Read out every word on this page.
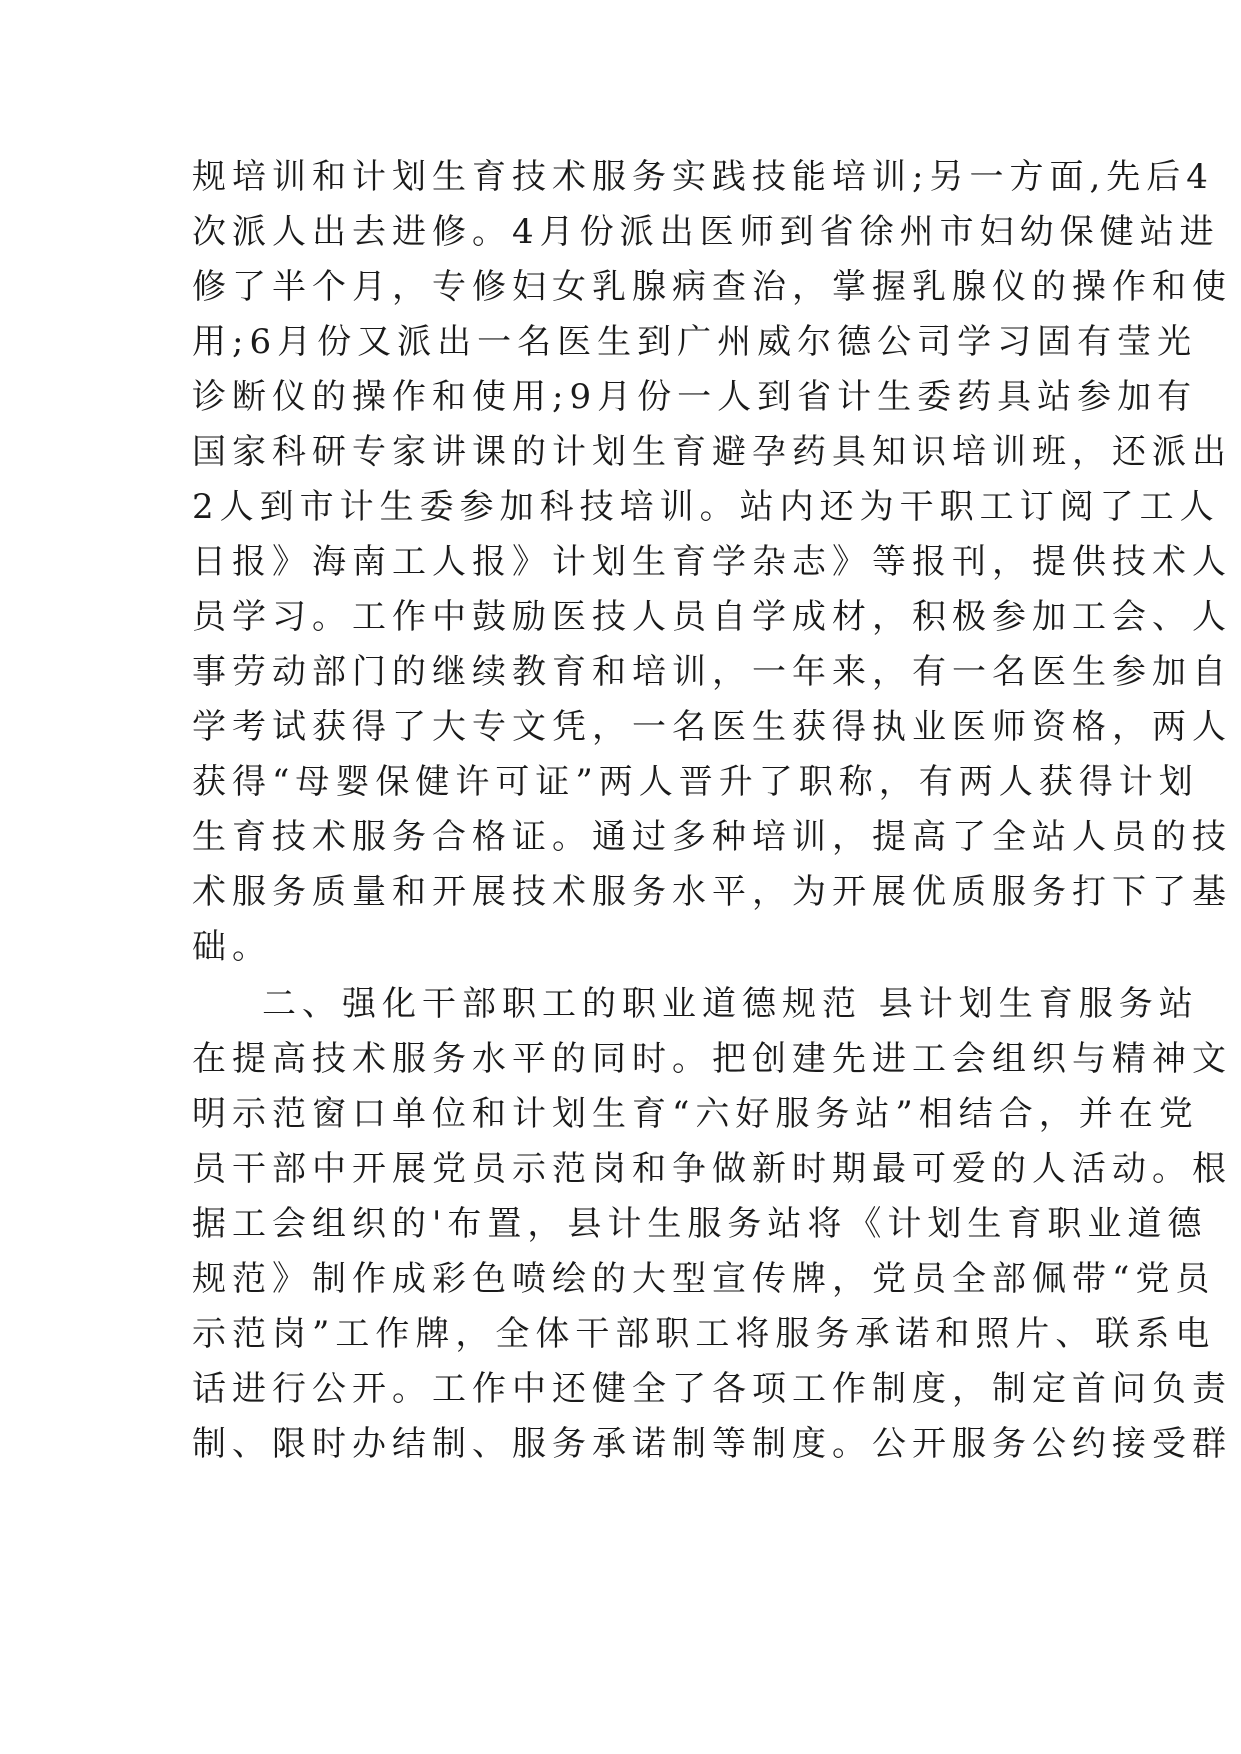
规培训和计划生育技术服务实践技能培训;另一方面,先后4
次派人出去进修。4月份派出医师到省徐州市妇幼保健站进
修了半个月，专修妇女乳腺病查治，掌握乳腺仪的操作和使
用;6月份又派出一名医生到广州威尔德公司学习固有莹光
诊断仪的操作和使用;9月份一人到省计生委药具站参加有
国家科研专家讲课的计划生育避孕药具知识培训班，还派出
2人到市计生委参加科技培训。站内还为干职工订阅了工人
日报》海南工人报》计划生育学杂志》等报刊，提供技术人
员学习。工作中鼓励医技人员自学成材，积极参加工会、人
事劳动部门的继续教育和培训，一年来，有一名医生参加自
学考试获得了大专文凭，一名医生获得执业医师资格，两人
获得“母婴保健许可证”两人晋升了职称，有两人获得计划
生育技术服务合格证。通过多种培训，提高了全站人员的技
术服务质量和开展技术服务水平，为开展优质服务打下了基
础。
二、强化干部职工的职业道德规范 县计划生育服务站
在提高技术服务水平的同时。把创建先进工会组织与精神文
明示范窗口单位和计划生育“六好服务站”相结合，并在党
员干部中开展党员示范岗和争做新时期最可爱的人活动。根
据工会组织的'布置，县计生服务站将《计划生育职业道德
规范》制作成彩色喷绘的大型宣传牌，党员全部佩带“党员
示范岗”工作牌，全体干部职工将服务承诺和照片、联系电
话进行公开。工作中还健全了各项工作制度，制定首问负责
制、限时办结制、服务承诺制等制度。公开服务公约接受群
